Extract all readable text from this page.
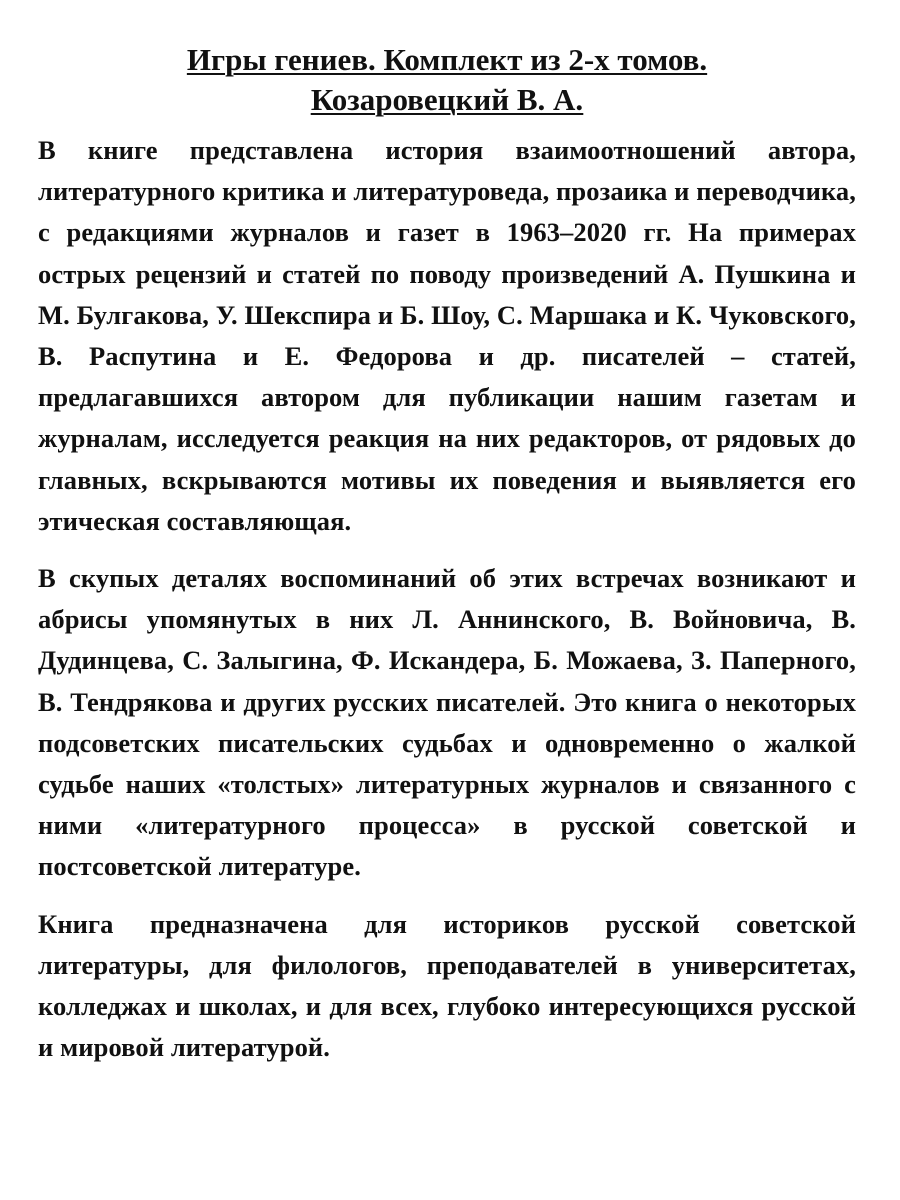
Игры гениев. Комплект из 2-х томов.
Козаровецкий В. А.

В книге представлена история взаимоотношений автора, литературного критика и литературоведа, прозаика и переводчика, с редакциями журналов и газет в 1963–2020 гг. На примерах острых рецензий и статей по поводу произведений А. Пушкина и М. Булгакова, У. Шекспира и Б. Шоу, С. Маршака и К. Чуковского, В. Распутина и Е. Федорова и др. писателей – статей, предлагавшихся автором для публикации нашим газетам и журналам, исследуется реакция на них редакторов, от рядовых до главных, вскрываются мотивы их поведения и выявляется его этическая составляющая.

В скупых деталях воспоминаний об этих встречах возникают и абрисы упомянутых в них Л. Аннинского, В. Войновича, В. Дудинцева, С. Залыгина, Ф. Искандера, Б. Можаева, З. Паперного, В. Тендрякова и других русских писателей. Это книга о некоторых подсоветских писательских судьбах и одновременно о жалкой судьбе наших «толстых» литературных журналов и связанного с ними «литературного процесса» в русской советской и постсоветской литературе.

Книга предназначена для историков русской советской литературы, для филологов, преподавателей в университетах, колледжах и школах, и для всех, глубоко интересующихся русской и мировой литературой.
